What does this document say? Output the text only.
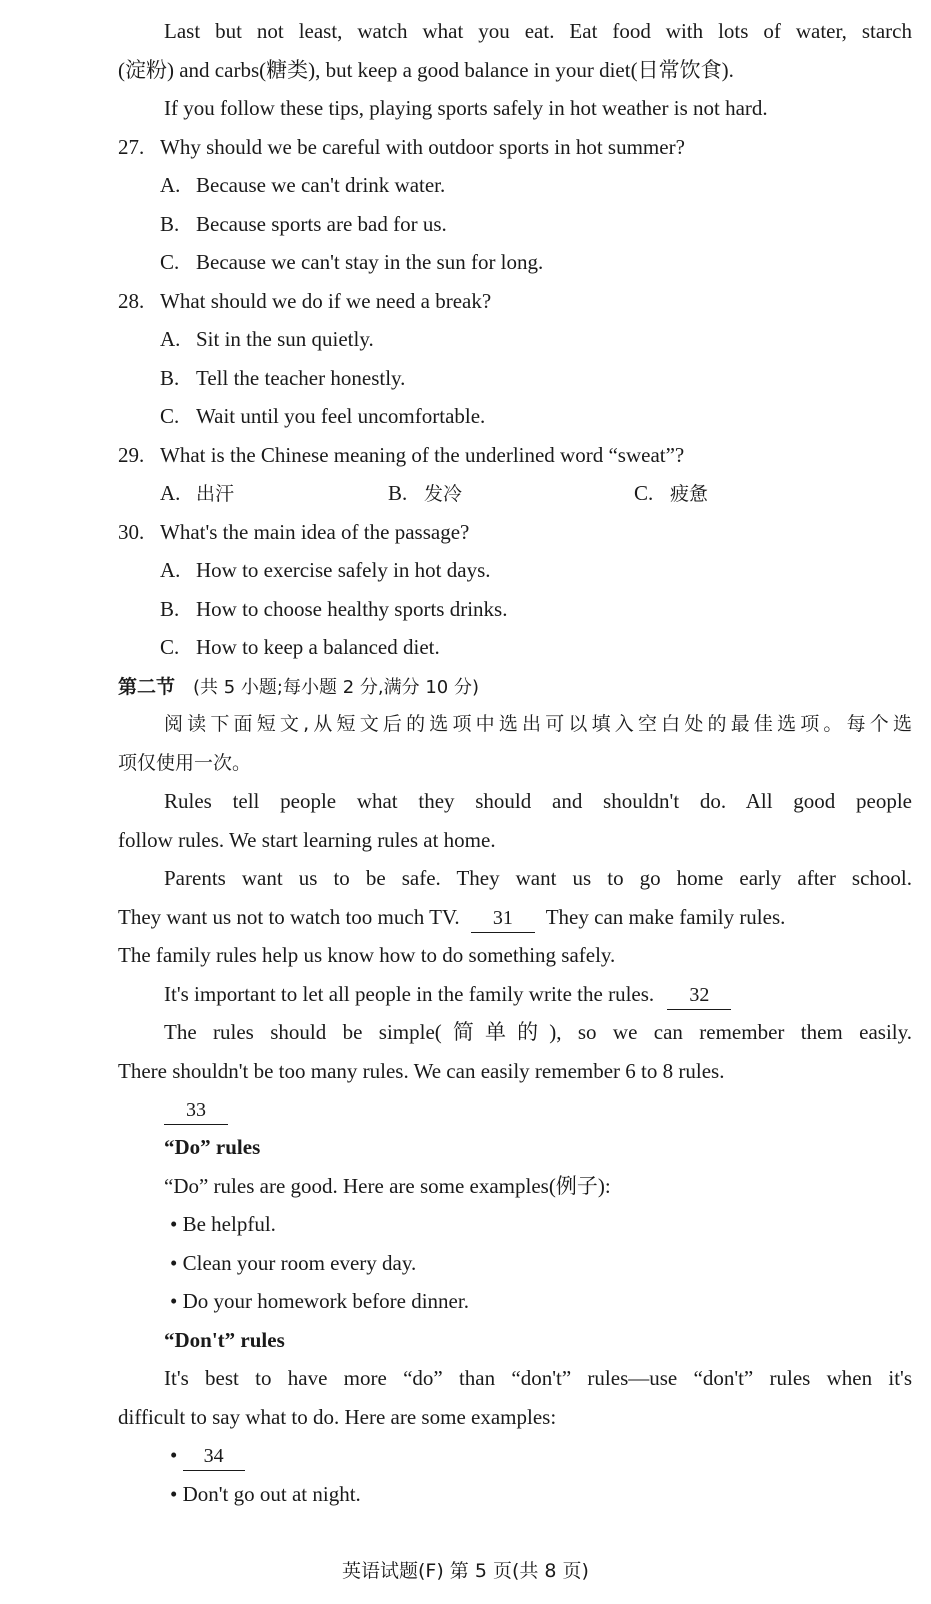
Last but not least, watch what you eat. Eat food with lots of water, starch
(淀粉) and carbs(糖类), but keep a good balance in your diet(日常饮食).
If you follow these tips, playing sports safely in hot weather is not hard.
27. Why should we be careful with outdoor sports in hot summer?
A. Because we can't drink water.
B. Because sports are bad for us.
C. Because we can't stay in the sun for long.
28. What should we do if we need a break?
A. Sit in the sun quietly.
B. Tell the teacher honestly.
C. Wait until you feel uncomfortable.
29. What is the Chinese meaning of the underlined word “sweat”?
A. 出汗	B. 发冷	C. 疲惫
30. What's the main idea of the passage?
A. How to exercise safely in hot days.
B. How to choose healthy sports drinks.
C. How to keep a balanced diet.
第二节 (共 5 小题;每小题 2 分,满分 10 分)
阅读下面短文,从短文后的选项中选出可以填入空白处的最佳选项。每个选
项仅使用一次。
Rules tell people what they should and shouldn't do. All good people
follow rules. We start learning rules at home.
Parents want us to be safe. They want us to go home early after school.
They want us not to watch too much TV. 31 They can make family rules.
The family rules help us know how to do something safely.
It's important to let all people in the family write the rules. 32
The rules should be simple(简单的), so we can remember them easily.
There shouldn't be too many rules. We can easily remember 6 to 8 rules.
33
“Do” rules
“Do” rules are good. Here are some examples(例子):
• Be helpful.
• Clean your room every day.
• Do your homework before dinner.
“Don't” rules
It's best to have more “do” than “don't” rules—use “don't” rules when it's
difficult to say what to do. Here are some examples:
• 34
• Don't go out at night.
英语试题(F) 第 5 页(共 8 页)
